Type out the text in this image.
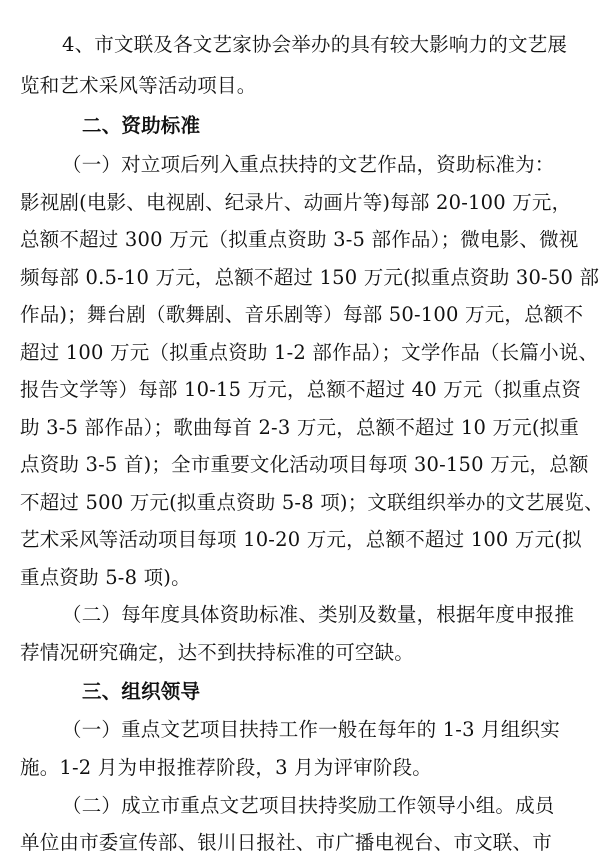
4、市文联及各文艺家协会举办的具有较大影响力的文艺展
览和艺术采风等活动项目。
二、资助标准
（一）对立项后列入重点扶持的文艺作品，资助标准为：
影视剧(电影、电视剧、纪录片、动画片等)每部 20-100 万元，
总额不超过 300 万元（拟重点资助 3-5 部作品）；微电影、微视
频每部 0.5-10 万元，总额不超过 150 万元(拟重点资助 30-50 部
作品)；舞台剧（歌舞剧、音乐剧等）每部 50-100 万元，总额不
超过 100 万元（拟重点资助 1-2 部作品）；文学作品（长篇小说、
报告文学等）每部 10-15 万元，总额不超过 40 万元（拟重点资
助 3-5 部作品）；歌曲每首 2-3 万元，总额不超过 10 万元(拟重
点资助 3-5 首)；全市重要文化活动项目每项 30-150 万元，总额
不超过 500 万元(拟重点资助 5-8 项)；文联组织举办的文艺展览、
艺术采风等活动项目每项 10-20 万元，总额不超过 100 万元(拟
重点资助 5-8 项)。
（二）每年度具体资助标准、类别及数量，根据年度申报推
荐情况研究确定，达不到扶持标准的可空缺。
三、组织领导
（一）重点文艺项目扶持工作一般在每年的 1-3 月组织实
施。1-2 月为申报推荐阶段，3 月为评审阶段。
（二）成立市重点文艺项目扶持奖励工作领导小组。成员
单位由市委宣传部、银川日报社、市广播电视台、市文联、市
